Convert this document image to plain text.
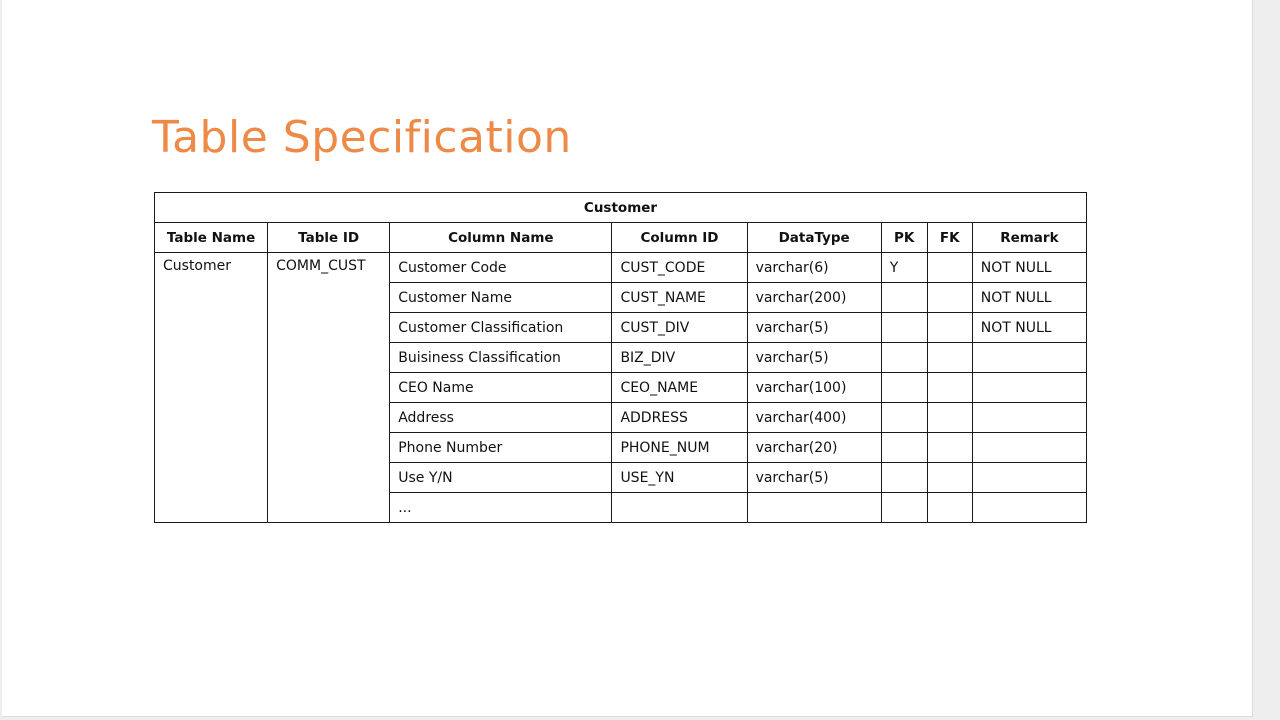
Table Specification
Customer							
Table Name	Table ID	Column Name	Column ID	DataType	PK	FK	Remark
Customer	COMM_CUST	Customer Code	CUST_CODE	varchar(6)	Y		NOT NULL
		Customer Name	CUST_NAME	varchar(200)			NOT NULL
		Customer Classification	CUST_DIV	varchar(5)			NOT NULL
		Buisiness Classification	BIZ_DIV	varchar(5)			
		CEO Name	CEO_NAME	varchar(100)			
		Address	ADDRESS	varchar(400)			
		Phone Number	PHONE_NUM	varchar(20)			
		Use Y/N	USE_YN	varchar(5)			
		...					
